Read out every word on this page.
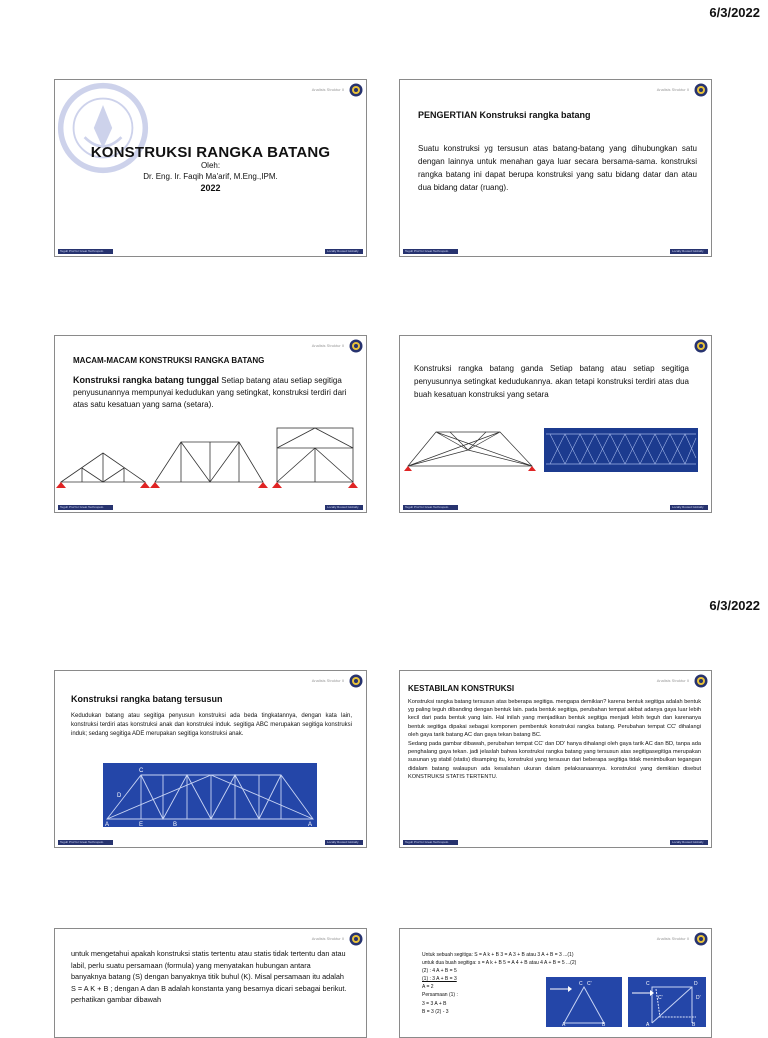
6/3/2022
6/3/2022
Analisis Struktur II
KONSTRUKSI RANGKA BATANG
Oleh:
Dr. Eng. Ir. Faqih Ma'arif, M.Eng.,IPM.
2022
Teguh Prof for Great Technopolo	Locally Rooted Globally
Analisis Struktur II
PENGERTIAN Konstruksi rangka batang
Suatu konstruksi yg tersusun atas batang-batang yang dihubungkan satu dengan lainnya untuk menahan gaya luar secara bersama-sama. konstruksi rangka batang ini dapat berupa konstruksi yang satu bidang datar dan atau dua bidang datar (ruang).
Teguh Prof for Great Technopolo	Locally Rooted Globally
Analisis Struktur II
MACAM-MACAM KONSTRUKSI RANGKA BATANG
Konstruksi rangka batang tunggal Setiap batang atau setiap segitiga penyusunannya mempunyai kedudukan yang setingkat, konstruksi terdiri dari atas satu kesatuan yang sama (setara).
Teguh Prof for Great Technopolo	Locally Rooted Globally
Konstruksi rangka batang ganda Setiap batang atau setiap segitiga penyusunnya setingkat kedudukannya. akan tetapi konstruksi terdiri atas dua buah kesatuan konstruksi yang setara
Teguh Prof for Great Technopolo	Locally Rooted Globally
Analisis Struktur II
Konstruksi rangka batang tersusun
Kedudukan batang atau segitiga penyusun konstruksi ada beda tingkatannya, dengan kata lain, konstruksi terdiri atas konstruksi anak dan konstruksi induk. segitiga ABC merupakan segitiga konstruksi induk; sedang segitiga ADE merupakan segitiga konstruksi anak.
C
D
A	E	B	A
Teguh Prof for Great Technopolo	Locally Rooted Globally
Analisis Struktur II
KESTABILAN KONSTRUKSI
Konstruksi rangka batang tersusun atas beberapa segitiga. mengapa demikian? karena bentuk segitiga adalah bentuk yg paling teguh dibanding dengan bentuk lain. pada bentuk segitiga, perubahan tempat akibat adanya gaya luar lebih kecil dari pada bentuk yang lain. Hal inilah yang menjadikan bentuk segitiga menjadi lebih teguh dan karenanya bentuk segitiga dipakai sebagai komponen pembentuk konstruksi rangka batang. Perubahan tempat CC' dihalangi oleh gaya tarik batang AC dan gaya tekan batang BC.
Sedang pada gambar dibawah, perubahan tempat CC' dan DD' hanya dihalangi oleh gaya tarik AC dan BD, tanpa ada penghalang gaya tekan. jadi jelaslah bahwa konstruksi rangka batang yang tersusun atas segitigasegitiga merupakan susunan yg stabil (statis) disamping itu, konstruksi yang tersusun dari beberapa segitiga tidak menimbulkan tegangan didalam batang walaupun ada kesalahan ukuran dalam pelaksanaannya. konstruksi yang demikian disebut KONSTRUKSI STATIS TERTENTU.
Teguh Prof for Great Technopolo	Locally Rooted Globally
Analisis Struktur II
untuk mengetahui apakah konstruksi statis tertentu atau statis tidak tertentu dan atau labil, perlu suatu persamaan (formula) yang menyatakan hubungan antara banyaknya batang (S) dengan banyaknya titik buhul (K). Misal persamaan itu adalah S = A K + B ; dengan A dan B adalah konstanta yang besarnya dicari sebagai berikut. perhatikan gambar dibawah
Analisis Struktur II
Untuk sebuah segitiga: S = A k + B 3 = A 3 + B atau 3 A + B = 3 ...(1)
untuk dua buah segitiga: s = A k + B 5 = A 4 + B atau 4 A + B = 5 ...(2)
(2) : 4 A + B = 5
(1) : 3 A + B = 3
A = 2
Persamaan (1) :
3 = 3 A + B
B = 3 (2) - 3
C C'	C	D
C'	D'
A	B	A	B
